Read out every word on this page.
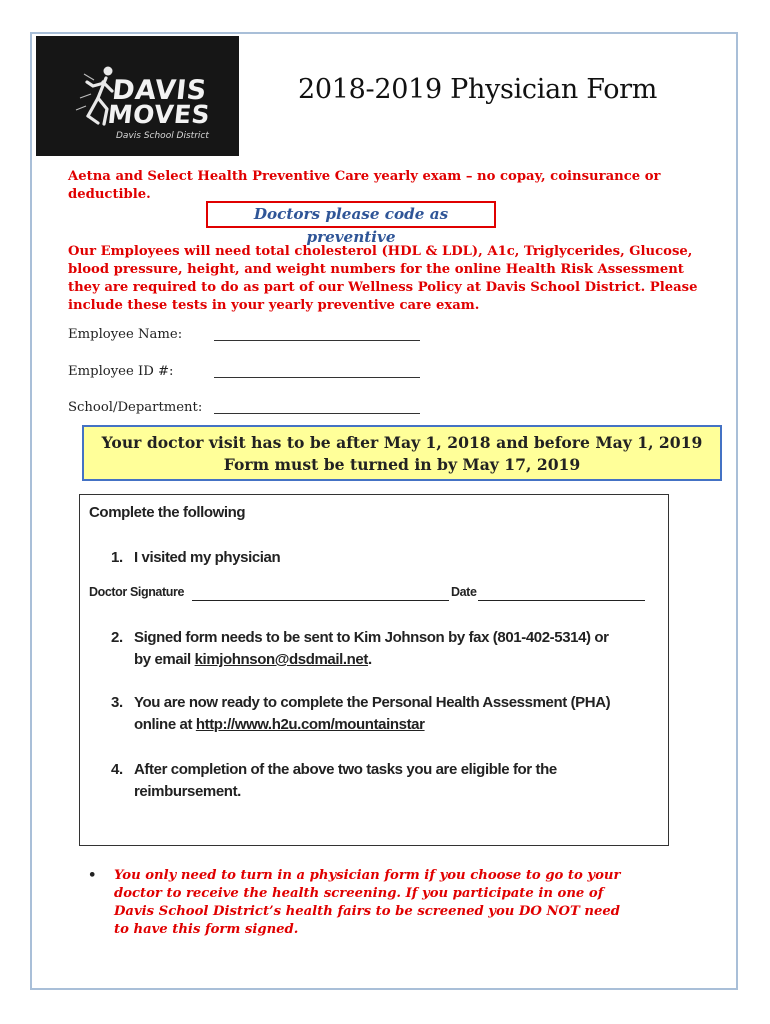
DAVIS
MOVES
Davis School District
2018-2019 Physician Form
Aetna and Select Health Preventive Care yearly exam – no copay, coinsurance or deductible.
Doctors please code as preventive
Our Employees will need total cholesterol (HDL & LDL), A1c, Triglycerides, Glucose, blood pressure, height, and weight numbers for the online Health Risk Assessment they are required to do as part of our Wellness Policy at Davis School District. Please include these tests in your yearly preventive care exam.
Employee Name:
Employee ID #:
School/Department:
Your doctor visit has to be after May 1, 2018 and before May 1, 2019
Form must be turned in by May 17, 2019
Complete the following
1. I visited my physician
Doctor Signature	Date
2. Signed form needs to be sent to Kim Johnson by fax (801-402-5314) or
by email kimjohnson@dsdmail.net.
3. You are now ready to complete the Personal Health Assessment (PHA)
online at http://www.h2u.com/mountainstar
4. After completion of the above two tasks you are eligible for the
reimbursement.
• You only need to turn in a physician form if you choose to go to your doctor to receive the health screening. If you participate in one of Davis School District’s health fairs to be screened you DO NOT need to have this form signed.
